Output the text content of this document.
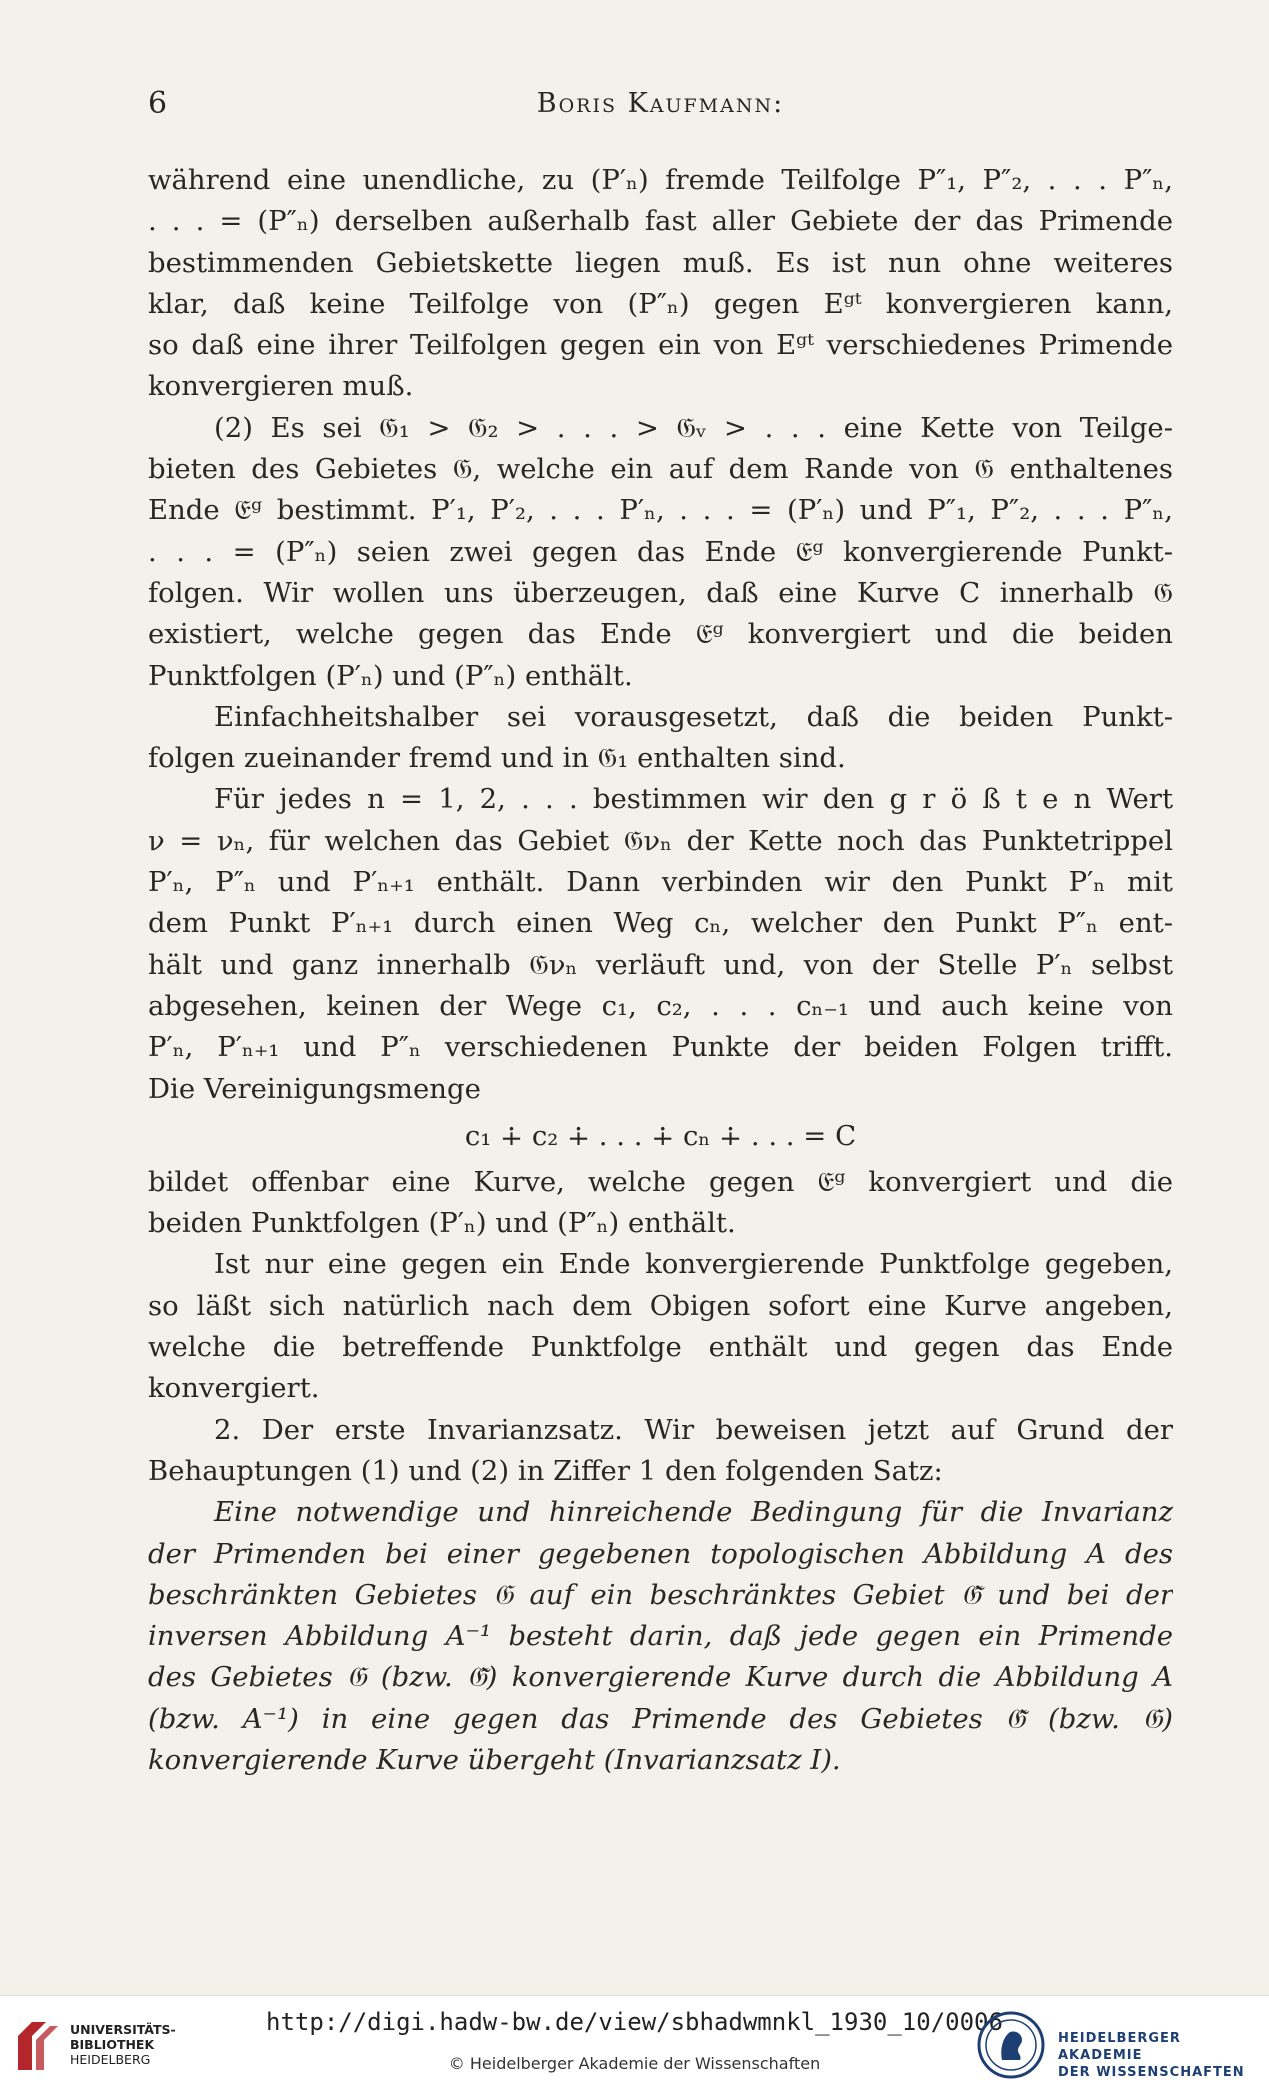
6	Boris Kaufmann:
während eine unendliche, zu (P′ₙ) fremde Teilfolge P″₁, P″₂, . . . P″ₙ,
. . . = (P″ₙ) derselben außerhalb fast aller Gebiete der das Primende
bestimmenden Gebietskette liegen muß. Es ist nun ohne weiteres
klar, daß keine Teilfolge von (P″ₙ) gegen Eᵍᵗ konvergieren kann,
so daß eine ihrer Teilfolgen gegen ein von Eᵍᵗ verschiedenes Primende
konvergieren muß.
(2) Es sei 𝔊₁ > 𝔊₂ > . . . > 𝔊ᵥ > . . . eine Kette von Teilge-
bieten des Gebietes 𝔊, welche ein auf dem Rande von 𝔊 enthaltenes
Ende 𝔈ᵍ bestimmt. P′₁, P′₂, . . . P′ₙ, . . . = (P′ₙ) und P″₁, P″₂, . . . P″ₙ,
. . . = (P″ₙ) seien zwei gegen das Ende 𝔈ᵍ konvergierende Punkt-
folgen. Wir wollen uns überzeugen, daß eine Kurve C innerhalb 𝔊
existiert, welche gegen das Ende 𝔈ᵍ konvergiert und die beiden
Punktfolgen (P′ₙ) und (P″ₙ) enthält.
Einfachheitshalber sei vorausgesetzt, daß die beiden Punkt-
folgen zueinander fremd und in 𝔊₁ enthalten sind.
Für jedes n = 1, 2, . . . bestimmen wir den g r ö ß t e n Wert
ν = νₙ, für welchen das Gebiet 𝔊νₙ der Kette noch das Punktetrippel
P′ₙ, P″ₙ und P′ₙ₊₁ enthält. Dann verbinden wir den Punkt P′ₙ mit
dem Punkt P′ₙ₊₁ durch einen Weg cₙ, welcher den Punkt P″ₙ ent-
hält und ganz innerhalb 𝔊νₙ verläuft und, von der Stelle P′ₙ selbst
abgesehen, keinen der Wege c₁, c₂, . . . cₙ₋₁ und auch keine von
P′ₙ, P′ₙ₊₁ und P″ₙ verschiedenen Punkte der beiden Folgen trifft.
Die Vereinigungsmenge
c₁ ∔ c₂ ∔ . . . ∔ cₙ ∔ . . . = C
bildet offenbar eine Kurve, welche gegen 𝔈ᵍ konvergiert und die
beiden Punktfolgen (P′ₙ) und (P″ₙ) enthält.
Ist nur eine gegen ein Ende konvergierende Punktfolge gegeben,
so läßt sich natürlich nach dem Obigen sofort eine Kurve angeben,
welche die betreffende Punktfolge enthält und gegen das Ende
konvergiert.
2. Der erste Invarianzsatz. Wir beweisen jetzt auf Grund der
Behauptungen (1) und (2) in Ziffer 1 den folgenden Satz:
Eine notwendige und hinreichende Bedingung für die Invarianz
der Primenden bei einer gegebenen topologischen Abbildung A des
beschränkten Gebietes 𝔊 auf ein beschränktes Gebiet 𝔊̃ und bei der
inversen Abbildung A⁻¹ besteht darin, daß jede gegen ein Primende
des Gebietes 𝔊 (bzw. 𝔊̃) konvergierende Kurve durch die Abbildung A
(bzw. A⁻¹) in eine gegen das Primende des Gebietes 𝔊̃ (bzw. 𝔊)
konvergierende Kurve übergeht (Invarianzsatz I).
UNIVERSITÄTS-
BIBLIOTHEK
HEIDELBERG
http://digi.hadw-bw.de/view/sbhadwmnkl_1930_10/0006
© Heidelberger Akademie der Wissenschaften
HEIDELBERGER AKADEMIE
DER WISSENSCHAFTEN
